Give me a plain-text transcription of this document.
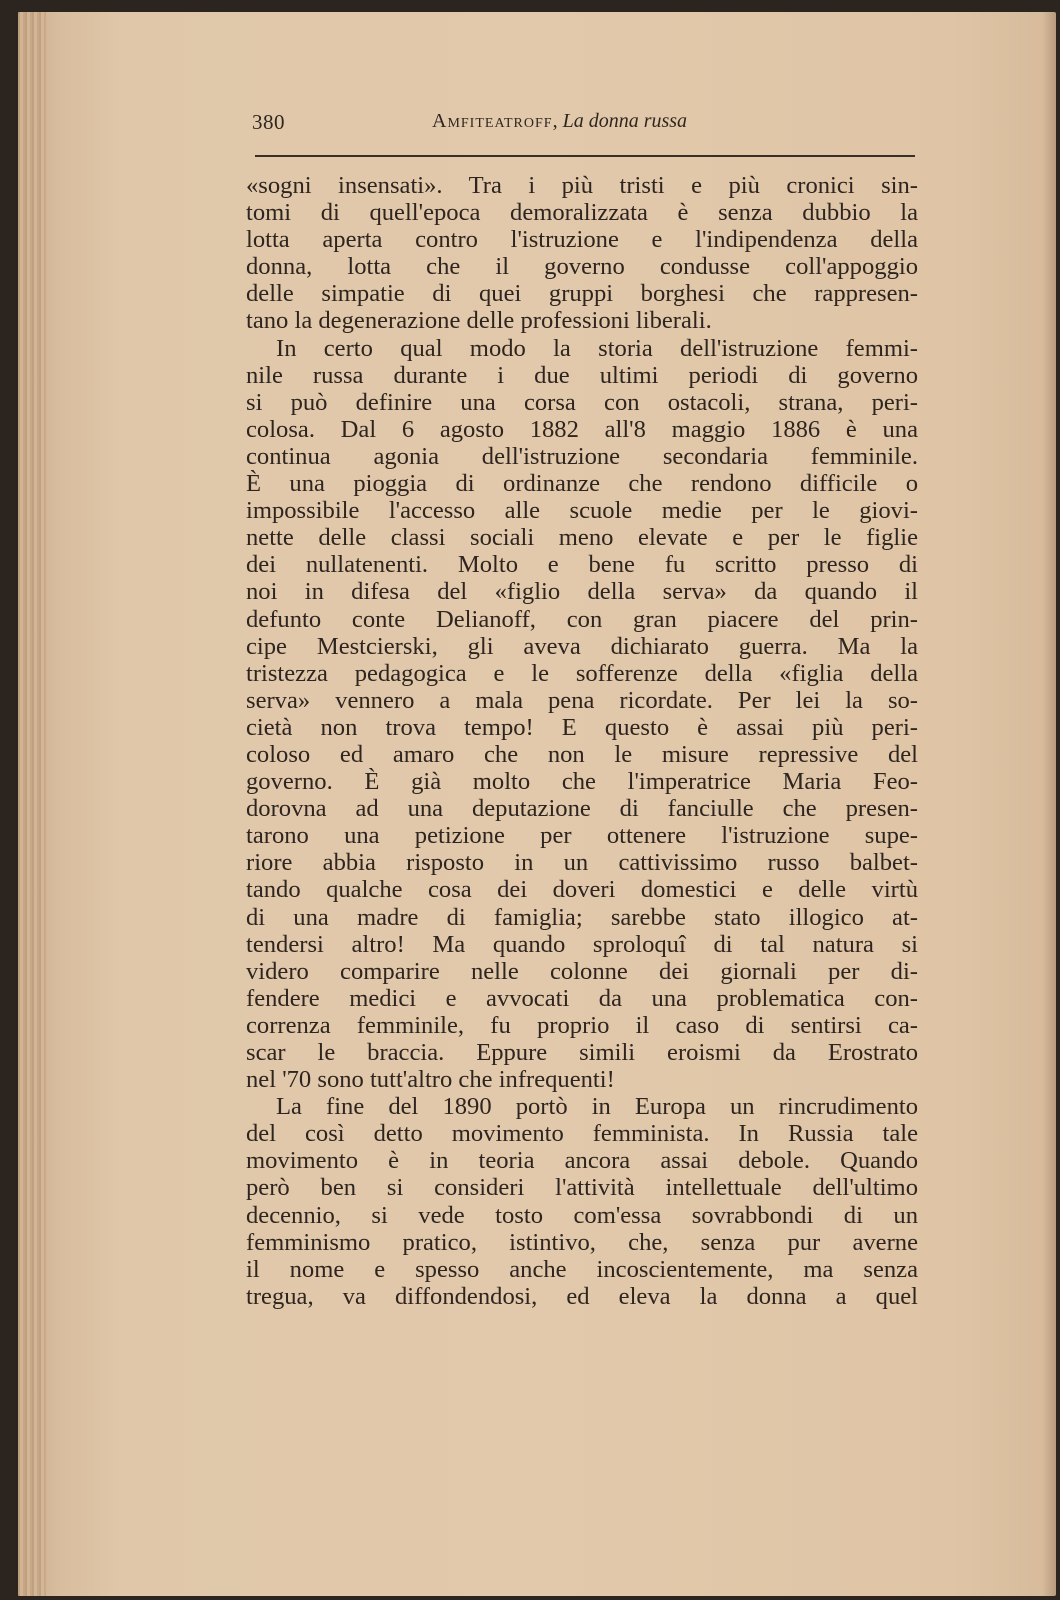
380	Amfiteatroff, La donna russa
«sogni insensati». Tra i più tristi e più cronici sin-
tomi di quell'epoca demoralizzata è senza dubbio la
lotta aperta contro l'istruzione e l'indipendenza della
donna, lotta che il governo condusse coll'appoggio
delle simpatie di quei gruppi borghesi che rappresen-
tano la degenerazione delle professioni liberali.
In certo qual modo la storia dell'istruzione femmi-
nile russa durante i due ultimi periodi di governo
si può definire una corsa con ostacoli, strana, peri-
colosa. Dal 6 agosto 1882 all'8 maggio 1886 è una
continua agonia dell'istruzione secondaria femminile.
È una pioggia di ordinanze che rendono difficile o
impossibile l'accesso alle scuole medie per le giovi-
nette delle classi sociali meno elevate e per le figlie
dei nullatenenti. Molto e bene fu scritto presso di
noi in difesa del «figlio della serva» da quando il
defunto conte Delianoff, con gran piacere del prin-
cipe Mestcierski, gli aveva dichiarato guerra. Ma la
tristezza pedagogica e le sofferenze della «figlia della
serva» vennero a mala pena ricordate. Per lei la so-
cietà non trova tempo! E questo è assai più peri-
coloso ed amaro che non le misure repressive del
governo. È già molto che l'imperatrice Maria Feo-
dorovna ad una deputazione di fanciulle che presen-
tarono una petizione per ottenere l'istruzione supe-
riore abbia risposto in un cattivissimo russo balbet-
tando qualche cosa dei doveri domestici e delle virtù
di una madre di famiglia; sarebbe stato illogico at-
tendersi altro! Ma quando sproloquî di tal natura si
videro comparire nelle colonne dei giornali per di-
fendere medici e avvocati da una problematica con-
correnza femminile, fu proprio il caso di sentirsi ca-
scar le braccia. Eppure simili eroismi da Erostrato
nel '70 sono tutt'altro che infrequenti!
La fine del 1890 portò in Europa un rincrudimento
del così detto movimento femminista. In Russia tale
movimento è in teoria ancora assai debole. Quando
però ben si consideri l'attività intellettuale dell'ultimo
decennio, si vede tosto com'essa sovrabbondi di un
femminismo pratico, istintivo, che, senza pur averne
il nome e spesso anche incoscientemente, ma senza
tregua, va diffondendosi, ed eleva la donna a quel
